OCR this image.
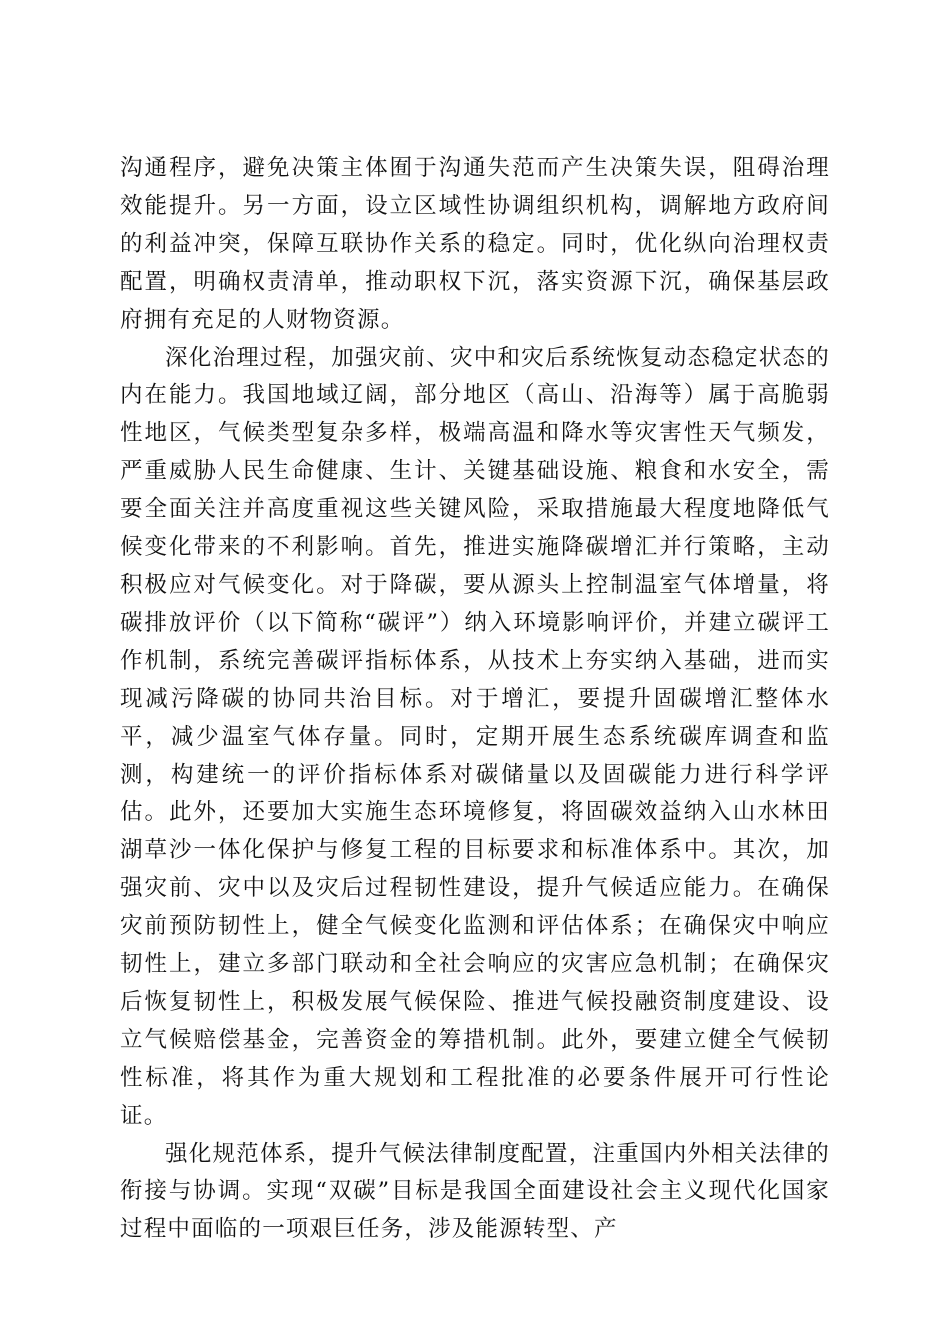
沟通程序，避免决策主体囿于沟通失范而产生决策失误，阻碍治理效能提升。另一方面，设立区域性协调组织机构，调解地方政府间的利益冲突，保障互联协作关系的稳定。同时，优化纵向治理权责配置，明确权责清单，推动职权下沉，落实资源下沉，确保基层政府拥有充足的人财物资源。

深化治理过程，加强灾前、灾中和灾后系统恢复动态稳定状态的内在能力。我国地域辽阔，部分地区（高山、沿海等）属于高脆弱性地区，气候类型复杂多样，极端高温和降水等灾害性天气频发，严重威胁人民生命健康、生计、关键基础设施、粮食和水安全，需要全面关注并高度重视这些关键风险，采取措施最大程度地降低气候变化带来的不利影响。首先，推进实施降碳增汇并行策略，主动积极应对气候变化。对于降碳，要从源头上控制温室气体增量，将碳排放评价（以下简称“碳评”）纳入环境影响评价，并建立碳评工作机制，系统完善碳评指标体系，从技术上夯实纳入基础，进而实现减污降碳的协同共治目标。对于增汇，要提升固碳增汇整体水平，减少温室气体存量。同时，定期开展生态系统碳库调查和监测，构建统一的评价指标体系对碳储量以及固碳能力进行科学评估。此外，还要加大实施生态环境修复，将固碳效益纳入山水林田湖草沙一体化保护与修复工程的目标要求和标准体系中。其次，加强灾前、灾中以及灾后过程韧性建设，提升气候适应能力。在确保灾前预防韧性上，健全气候变化监测和评估体系；在确保灾中响应韧性上，建立多部门联动和全社会响应的灾害应急机制；在确保灾后恢复韧性上，积极发展气候保险、推进气候投融资制度建设、设立气候赔偿基金，完善资金的筹措机制。此外，要建立健全气候韧性标准，将其作为重大规划和工程批准的必要条件展开可行性论证。

强化规范体系，提升气候法律制度配置，注重国内外相关法律的衔接与协调。实现“双碳”目标是我国全面建设社会主义现代化国家过程中面临的一项艰巨任务，涉及能源转型、产
